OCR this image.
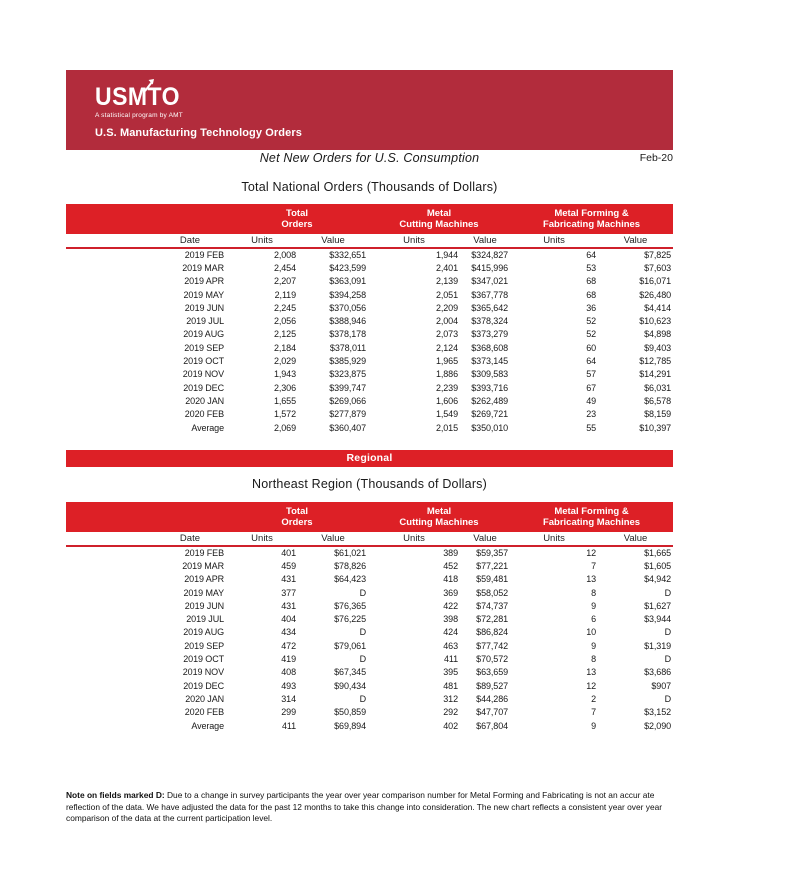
USMTO
A statistical program by AMT
U.S. Manufacturing Technology Orders
Net New Orders for U.S. Consumption	Feb-20
Total National Orders (Thousands of Dollars)

Total
Orders

Metal
Cutting Machines

Metal Forming &
Fabricating Machines

Date	Units	Value	Units	Value	Units	Value
2019 FEB	2,008	$332,651	1,944	$324,827	64	$7,825
2019 MAR	2,454	$423,599	2,401	$415,996	53	$7,603
2019 APR	2,207	$363,091	2,139	$347,021	68	$16,071
2019 MAY	2,119	$394,258	2,051	$367,778	68	$26,480
2019 JUN	2,245	$370,056	2,209	$365,642	36	$4,414
2019 JUL	2,056	$388,946	2,004	$378,324	52	$10,623
2019 AUG	2,125	$378,178	2,073	$373,279	52	$4,898
2019 SEP	2,184	$378,011	2,124	$368,608	60	$9,403
2019 OCT	2,029	$385,929	1,965	$373,145	64	$12,785
2019 NOV	1,943	$323,875	1,886	$309,583	57	$14,291
2019 DEC	2,306	$399,747	2,239	$393,716	67	$6,031
2020 JAN	1,655	$269,066	1,606	$262,489	49	$6,578
2020 FEB	1,572	$277,879	1,549	$269,721	23	$8,159
Average	2,069	$360,407	2,015	$350,010	55	$10,397
Regional
Northeast Region (Thousands of Dollars)

Total
Orders

Metal
Cutting Machines

Metal Forming &
Fabricating Machines

Date	Units	Value	Units	Value	Units	Value
2019 FEB	401	$61,021	389	$59,357	12	$1,665
2019 MAR	459	$78,826	452	$77,221	7	$1,605
2019 APR	431	$64,423	418	$59,481	13	$4,942
2019 MAY	377	D	369	$58,052	8	D
2019 JUN	431	$76,365	422	$74,737	9	$1,627
2019 JUL	404	$76,225	398	$72,281	6	$3,944
2019 AUG	434	D	424	$86,824	10	D
2019 SEP	472	$79,061	463	$77,742	9	$1,319
2019 OCT	419	D	411	$70,572	8	D
2019 NOV	408	$67,345	395	$63,659	13	$3,686
2019 DEC	493	$90,434	481	$89,527	12	$907
2020 JAN	314	D	312	$44,286	2	D
2020 FEB	299	$50,859	292	$47,707	7	$3,152
Average	411	$69,894	402	$67,804	9	$2,090
Note on fields marked D: Due to a change in survey participants the year over year comparison number for Metal Forming and Fabricating is not an accur ate
reflection of the data. We have adjusted the data for the past 12 months to take this change into consideration. The new chart reflects a consistent year over year
comparison of the data at the current participation level.
